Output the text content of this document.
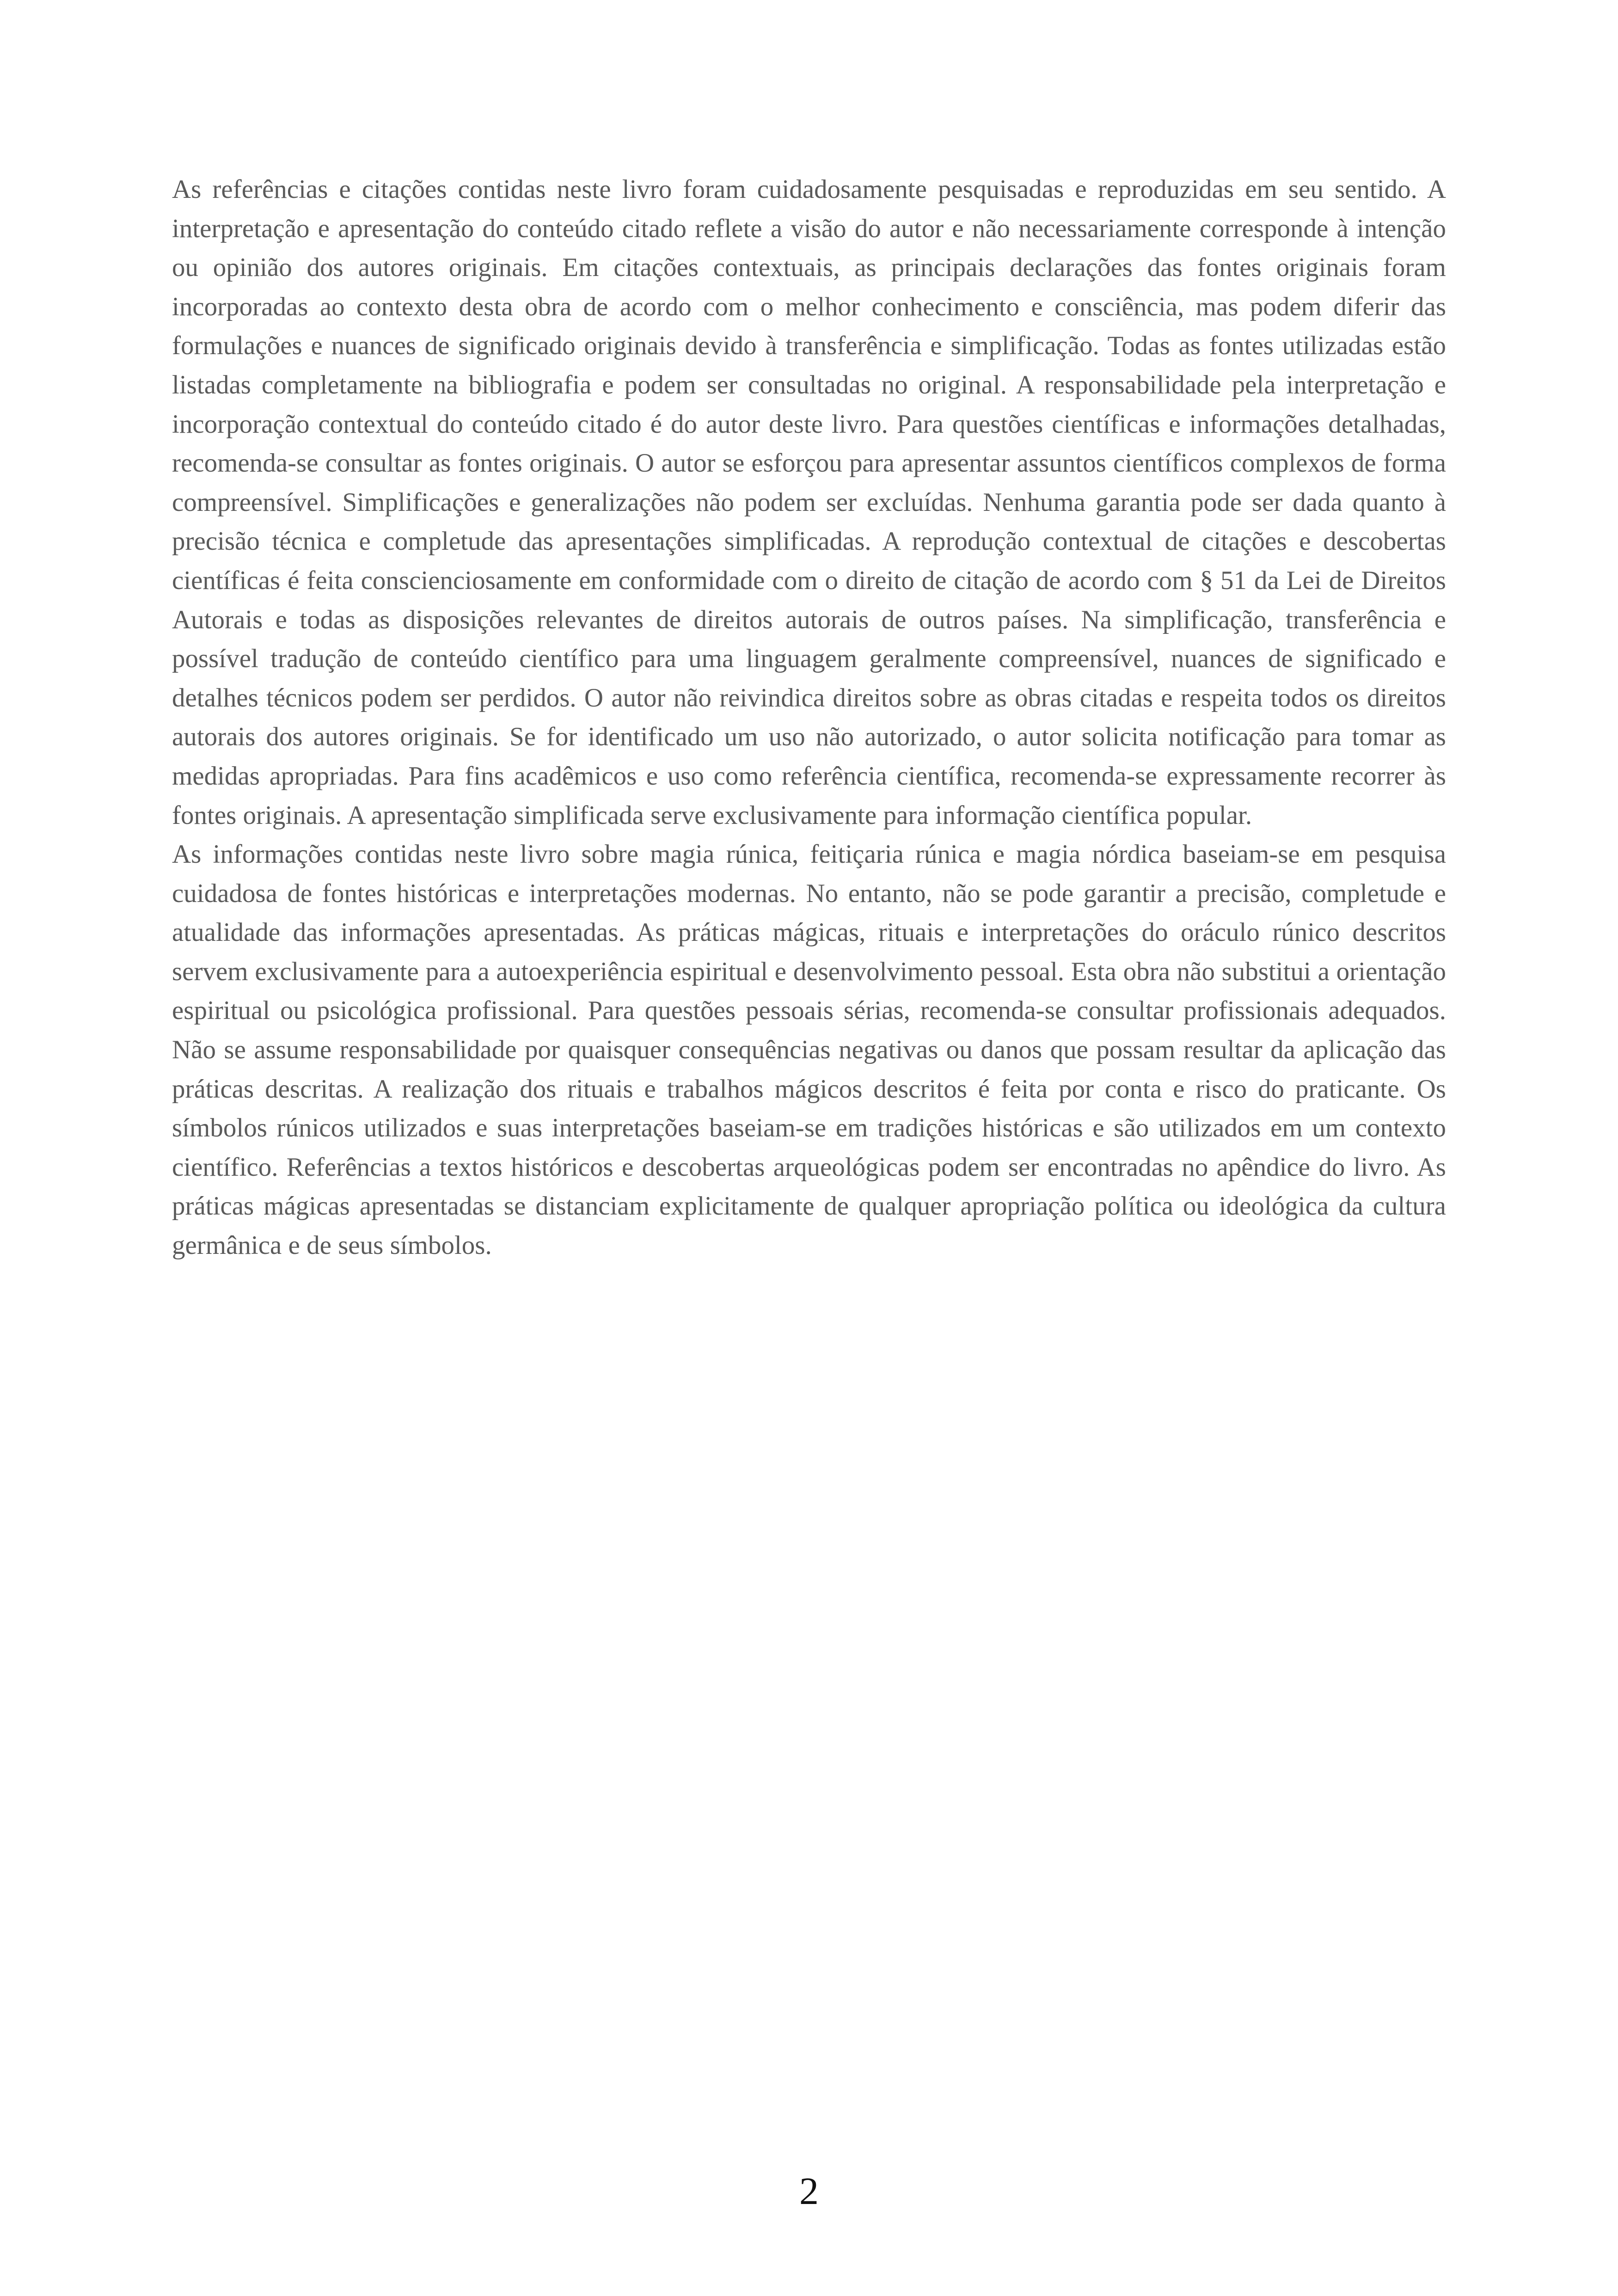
As referências e citações contidas neste livro foram cuidadosamente pesquisadas e reproduzidas em seu sentido. A interpretação e apresentação do conteúdo citado reflete a visão do autor e não necessariamente corresponde à intenção ou opinião dos autores originais. Em citações contextuais, as principais declarações das fontes originais foram incorporadas ao contexto desta obra de acordo com o melhor conhecimento e consciência, mas podem diferir das formulações e nuances de significado originais devido à transferência e simplificação. Todas as fontes utilizadas estão listadas completamente na bibliografia e podem ser consultadas no original. A responsabilidade pela interpretação e incorporação contextual do conteúdo citado é do autor deste livro. Para questões científicas e informações detalhadas, recomenda-se consultar as fontes originais. O autor se esforçou para apresentar assuntos científicos complexos de forma compreensível. Simplificações e generalizações não podem ser excluídas. Nenhuma garantia pode ser dada quanto à precisão técnica e completude das apresentações simplificadas. A reprodução contextual de citações e descobertas científicas é feita conscienciosamente em conformidade com o direito de citação de acordo com § 51 da Lei de Direitos Autorais e todas as disposições relevantes de direitos autorais de outros países. Na simplificação, transferência e possível tradução de conteúdo científico para uma linguagem geralmente compreensível, nuances de significado e detalhes técnicos podem ser perdidos. O autor não reivindica direitos sobre as obras citadas e respeita todos os direitos autorais dos autores originais. Se for identificado um uso não autorizado, o autor solicita notificação para tomar as medidas apropriadas. Para fins acadêmicos e uso como referência científica, recomenda-se expressamente recorrer às fontes originais. A apresentação simplificada serve exclusivamente para informação científica popular.

As informações contidas neste livro sobre magia rúnica, feitiçaria rúnica e magia nórdica baseiam-se em pesquisa cuidadosa de fontes históricas e interpretações modernas. No entanto, não se pode garantir a precisão, completude e atualidade das informações apresentadas. As práticas mágicas, rituais e interpretações do oráculo rúnico descritos servem exclusivamente para a autoexperiência espiritual e desenvolvimento pessoal. Esta obra não substitui a orientação espiritual ou psicológica profissional. Para questões pessoais sérias, recomenda-se consultar profissionais adequados. Não se assume responsabilidade por quaisquer consequências negativas ou danos que possam resultar da aplicação das práticas descritas. A realização dos rituais e trabalhos mágicos descritos é feita por conta e risco do praticante. Os símbolos rúnicos utilizados e suas interpretações baseiam-se em tradições históricas e são utilizados em um contexto científico. Referências a textos históricos e descobertas arqueológicas podem ser encontradas no apêndice do livro. As práticas mágicas apresentadas se distanciam explicitamente de qualquer apropriação política ou ideológica da cultura germânica e de seus símbolos.

2
